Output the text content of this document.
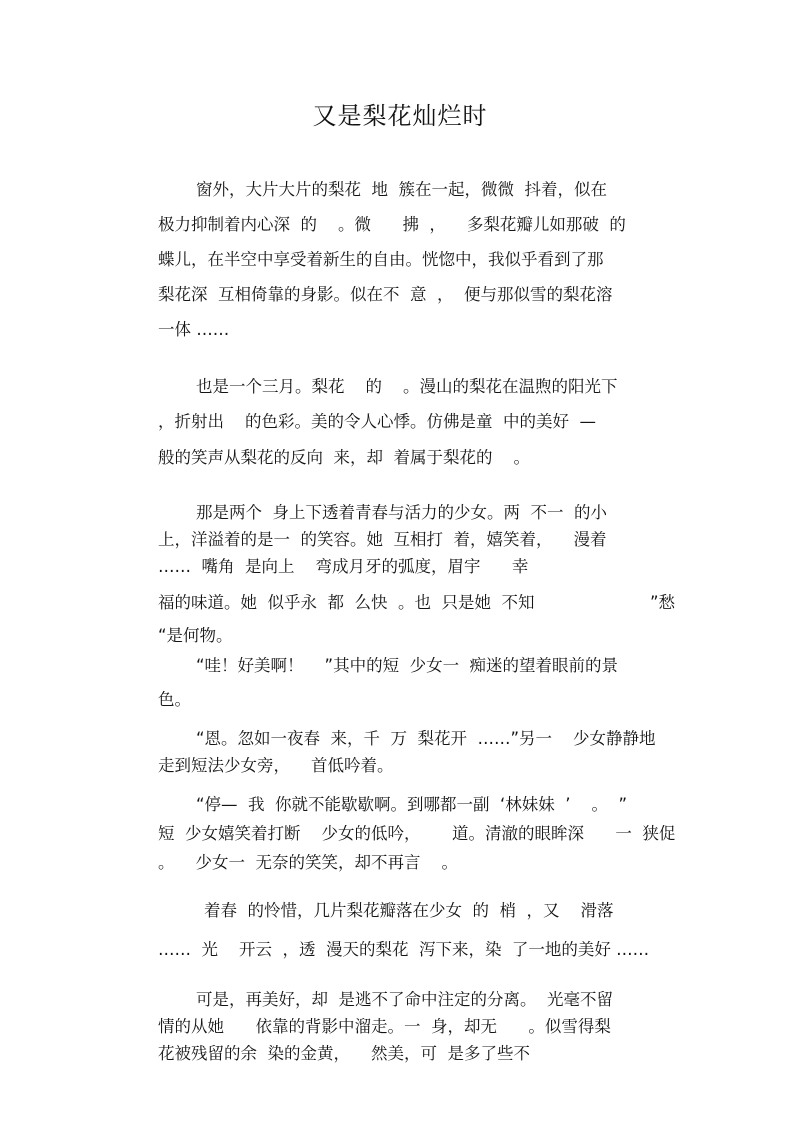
又是梨花灿烂时
窗外，大片大片的梨花  地  簇在一起，微微  抖着，似在
极力抑制着内心深  的    。微      拂  ，    多梨花瓣儿如那破  的
蝶儿，在半空中享受着新生的自由。恍惚中，我似乎看到了那
梨花深  互相倚靠的身影。似在不  意  ，  便与那似雪的梨花溶
一体 ……
也是一个三月。梨花    的    。漫山的梨花在温煦的阳光下
，折射出    的色彩。美的令人心悸。仿佛是童  中的美好  —
般的笑声从梨花的反向  来，却  着属于梨花的    。
那是两个  身上下透着青春与活力的少女。两  不一  的小
上，洋溢着的是一  的笑容。她  互相打  着，嬉笑着，    漫着
……  嘴角  是向上    弯成月牙的弧度，眉宇      幸
福的味道。她  似乎永  都  么快  。也  只是她  不知	”愁
“是何物。
“哇！好美啊！    ”其中的短  少女一  痴迷的望着眼前的景
色。
“恩。忽如一夜春  来，千  万  梨花开  ……”另一    少女静静地
走到短法少女旁，    首低吟着。
“停—  我  你就不能歇歇啊。到哪都一副  ‘林妹妹  ’    。  ”
短  少女嬉笑着打断    少女的低吟，      道。清澈的眼眸深      一  狭促
。    少女一  无奈的笑笑，却不再言    。
着春  的怜惜，几片梨花瓣落在少女  的  梢  ，又    滑落
……  光    开云  ，透  漫天的梨花  泻下来，染  了一地的美好 ……
可是，再美好，却  是逃不了命中注定的分离。  光毫不留
情的从她      依靠的背影中溜走。一  身，却无      。似雪得梨
花被残留的余  染的金黄，    然美，可  是多了些不
